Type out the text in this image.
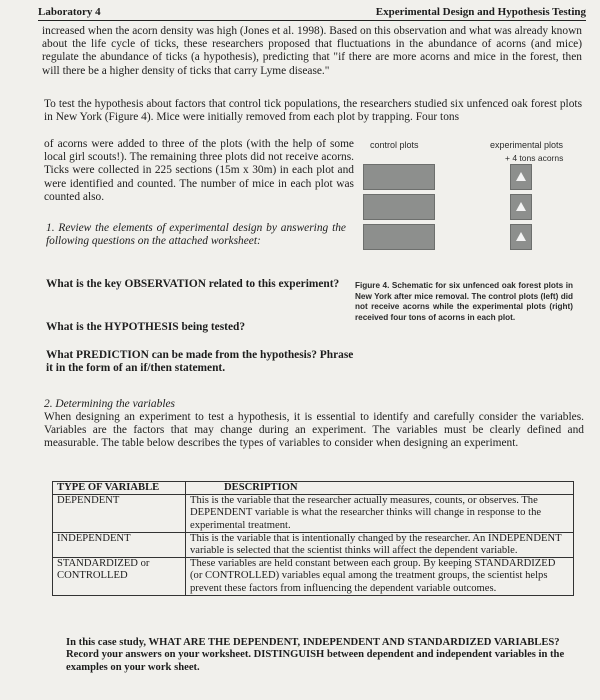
Laboratory 4	Experimental Design and Hypothesis Testing

increased when the acorn density was high (Jones et al. 1998). Based on this observation and what was already known about the life cycle of ticks, these researchers proposed that fluctuations in the abundance of acorns (and mice) regulate the abundance of ticks (a hypothesis), predicting that "if there are more acorns and mice in the forest, then will there be a higher density of ticks that carry Lyme disease."

To test the hypothesis about factors that control tick populations, the researchers studied six unfenced oak forest plots in New York (Figure 4). Mice were initially removed from each plot by trapping. Four tons

of acorns were added to three of the plots (with the help of some local girl scouts!). The remaining three plots did not receive acorns. Ticks were collected in 225 sections (15m x 30m) in each plot and were identified and counted. The number of mice in each plot was counted also.

control plots	experimental plots
+ 4 tons acorns

1. Review the elements of experimental design by answering the following questions on the attached worksheet:

What is the key OBSERVATION related to this experiment?
What is the HYPOTHESIS being tested?
What PREDICTION can be made from the hypothesis? Phrase it in the form of an if/then statement.
Figure 4. Schematic for six unfenced oak forest plots in New York after mice removal. The control plots (left) did not receive acorns while the experimental plots (right) received four tons of acorns in each plot.
2. Determining the variables

When designing an experiment to test a hypothesis, it is essential to identify and carefully consider the variables. Variables are the factors that may change during an experiment. The variables must be clearly defined and measurable. The table below describes the types of variables to consider when designing an experiment.

TYPE OF VARIABLE	DESCRIPTION
DEPENDENT	This is the variable that the researcher actually measures, counts, or observes. The DEPENDENT variable is what the researcher thinks will change in response to the experimental treatment.
INDEPENDENT	This is the variable that is intentionally changed by the researcher. An INDEPENDENT variable is selected that the scientist thinks will affect the dependent variable.
STANDARDIZED or CONTROLLED	These variables are held constant between each group. By keeping STANDARDIZED (or CONTROLLED) variables equal among the treatment groups, the scientist helps prevent these factors from influencing the dependent variable outcomes.
In this case study, WHAT ARE THE DEPENDENT, INDEPENDENT AND STANDARDIZED VARIABLES? Record your answers on your worksheet. DISTINGUISH between dependent and independent variables in the examples on your work sheet.
